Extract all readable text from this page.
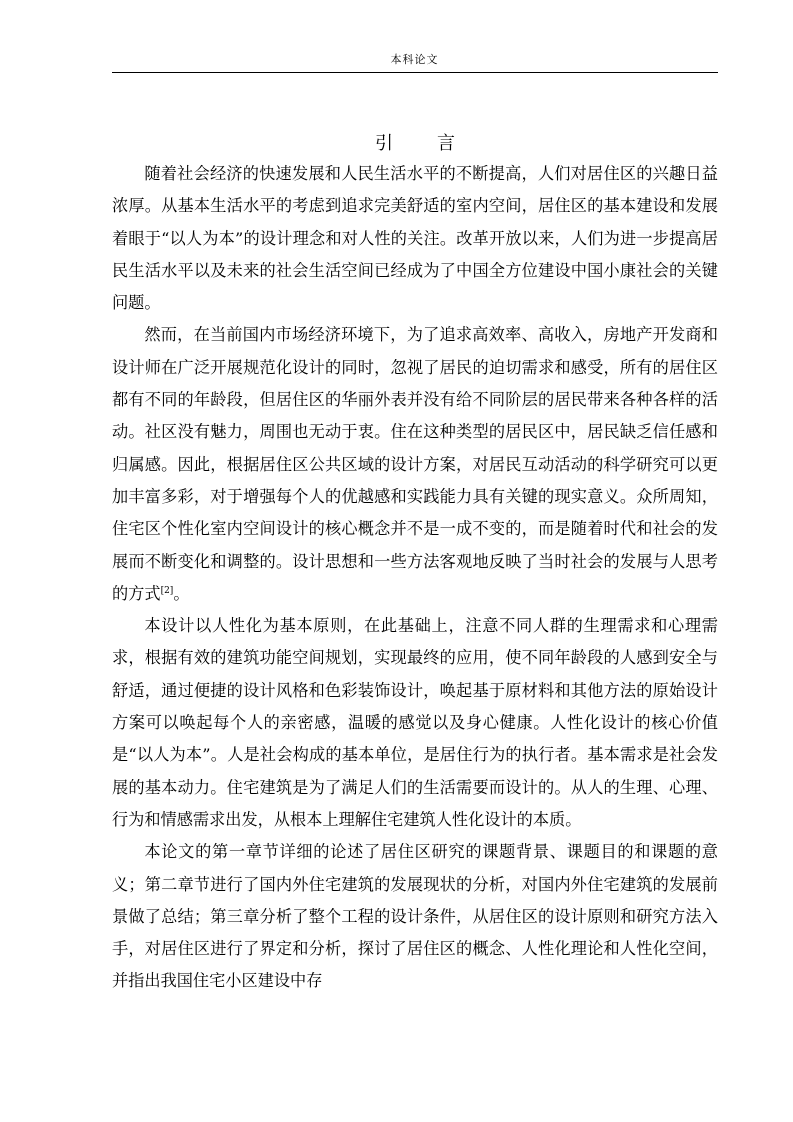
本科论文
引 言

随着社会经济的快速发展和人民生活水平的不断提高，人们对居住区的兴趣日益浓厚。从基本生活水平的考虑到追求完美舒适的室内空间，居住区的基本建设和发展着眼于“以人为本”的设计理念和对人性的关注。改革开放以来，人们为进一步提高居民生活水平以及未来的社会生活空间已经成为了中国全方位建设中国小康社会的关键问题。

然而，在当前国内市场经济环境下，为了追求高效率、高收入，房地产开发商和设计师在广泛开展规范化设计的同时，忽视了居民的迫切需求和感受，所有的居住区都有不同的年龄段，但居住区的华丽外表并没有给不同阶层的居民带来各种各样的活动。社区没有魅力，周围也无动于衷。住在这种类型的居民区中，居民缺乏信任感和归属感。因此，根据居住区公共区域的设计方案，对居民互动活动的科学研究可以更加丰富多彩，对于增强每个人的优越感和实践能力具有关键的现实意义。众所周知，住宅区个性化室内空间设计的核心概念并不是一成不变的，而是随着时代和社会的发展而不断变化和调整的。设计思想和一些方法客观地反映了当时社会的发展与人思考的方式[2]。

本设计以人性化为基本原则，在此基础上，注意不同人群的生理需求和心理需求，根据有效的建筑功能空间规划，实现最终的应用，使不同年龄段的人感到安全与舒适，通过便捷的设计风格和色彩装饰设计，唤起基于原材料和其他方法的原始设计方案可以唤起每个人的亲密感，温暖的感觉以及身心健康。人性化设计的核心价值是“以人为本”。人是社会构成的基本单位，是居住行为的执行者。基本需求是社会发展的基本动力。住宅建筑是为了满足人们的生活需要而设计的。从人的生理、心理、行为和情感需求出发，从根本上理解住宅建筑人性化设计的本质。

本论文的第一章节详细的论述了居住区研究的课题背景、课题目的和课题的意义；第二章节进行了国内外住宅建筑的发展现状的分析，对国内外住宅建筑的发展前景做了总结；第三章分析了整个工程的设计条件，从居住区的设计原则和研究方法入手，对居住区进行了界定和分析，探讨了居住区的概念、人性化理论和人性化空间，并指出我国住宅小区建设中存
